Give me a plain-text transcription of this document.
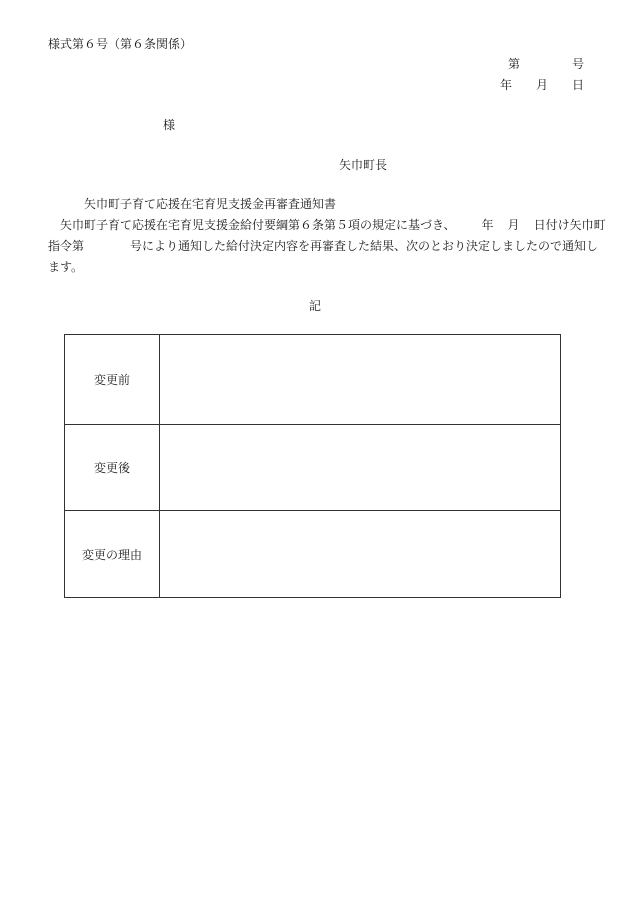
様式第６号（第６条関係）
第	号
年 月 日
様
矢巾町長
矢巾町子育て応援在宅育児支援金再審査通知書
矢巾町子育て応援在宅育児支援金給付要綱第６条第５項の規定に基づき、 年 月 日付け矢巾町
指令第	号により通知した給付決定内容を再審査した結果、次のとおり決定しましたので通知し
ます。
記
変更前	
変更後	
変更の理由	
